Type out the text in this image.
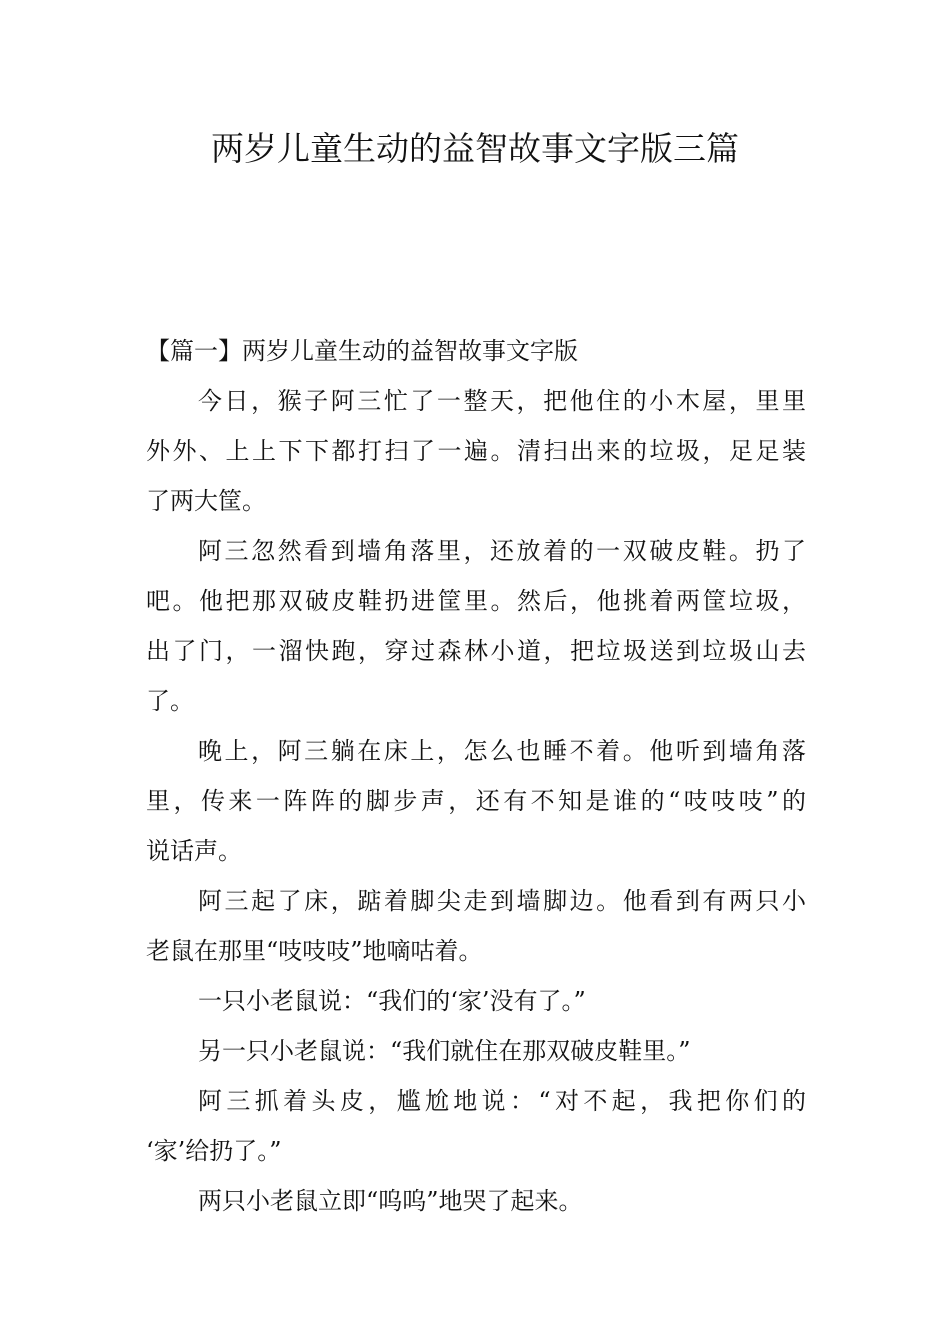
两岁儿童生动的益智故事文字版三篇
【篇一】两岁儿童生动的益智故事文字版
今日，猴子阿三忙了一整天，把他住的小木屋，里里
外外、上上下下都打扫了一遍。清扫出来的垃圾，足足装
了两大筐。
阿三忽然看到墙角落里，还放着的一双破皮鞋。扔了
吧。他把那双破皮鞋扔进筐里。然后，他挑着两筐垃圾，
出了门，一溜快跑，穿过森林小道，把垃圾送到垃圾山去
了。
晚上，阿三躺在床上，怎么也睡不着。他听到墙角落
里，传来一阵阵的脚步声，还有不知是谁的“吱吱吱”的
说话声。
阿三起了床，踮着脚尖走到墙脚边。他看到有两只小
老鼠在那里“吱吱吱”地嘀咕着。
一只小老鼠说：“我们的‘家’没有了。”
另一只小老鼠说：“我们就住在那双破皮鞋里。”
阿三抓着头皮，尴尬地说：“对不起，我把你们的
‘家’给扔了。”
两只小老鼠立即“呜呜”地哭了起来。
